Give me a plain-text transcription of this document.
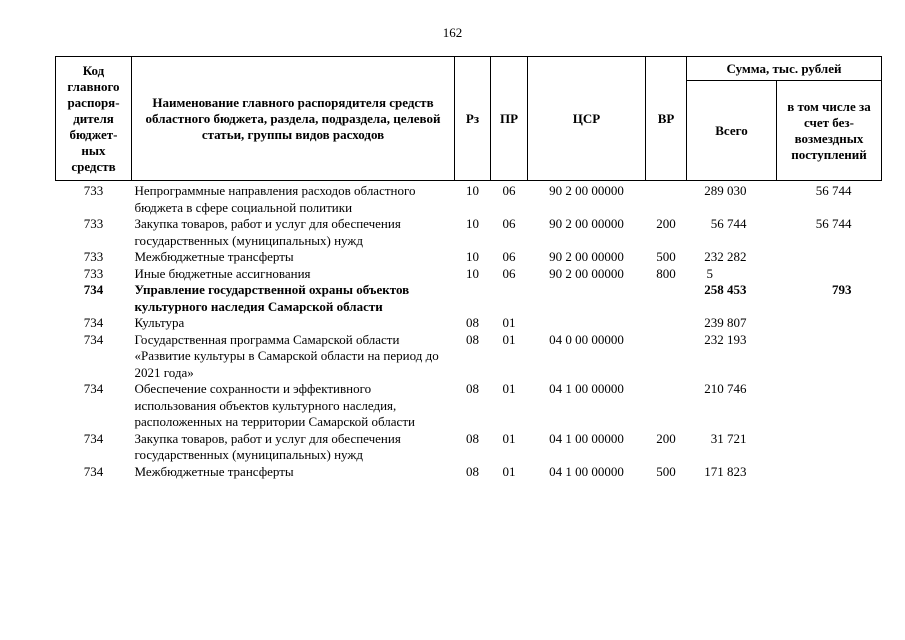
162
Код главного распоря-дителя бюджет-ных средств	Наименование главного распорядителя средств областного бюджета, раздела, подраздела, целевой статьи, группы видов расходов	Рз	ПР	ЦСР	ВР	Сумма, тыс. рублей	
						Всего	в том числе за счет без-возмездных поступлений
733	Непрограммные направления расходов областного бюджета в сфере социальной политики	10	06	90 2 00 00000		289 030	56 744
733	Закупка товаров, работ и услуг для обеспечения государственных (муниципальных) нужд	10	06	90 2 00 00000	200	56 744	56 744
733	Межбюджетные трансферты	10	06	90 2 00 00000	500	232 282	
733	Иные бюджетные ассигнования	10	06	90 2 00 00000	800	5	
734	Управление государственной охраны объектов культурного наследия Самарской области					258 453	793
734	Культура	08	01			239 807	
734	Государственная программа Самарской области «Развитие культуры в Самарской области на период до 2021 года»	08	01	04 0 00 00000		232 193	
734	Обеспечение сохранности и эффективного использования объектов культурного наследия, расположенных на территории Самарской области	08	01	04 1 00 00000		210 746	
734	Закупка товаров, работ и услуг для обеспечения государственных (муниципальных) нужд	08	01	04 1 00 00000	200	31 721	
734	Межбюджетные трансферты	08	01	04 1 00 00000	500	171 823	
